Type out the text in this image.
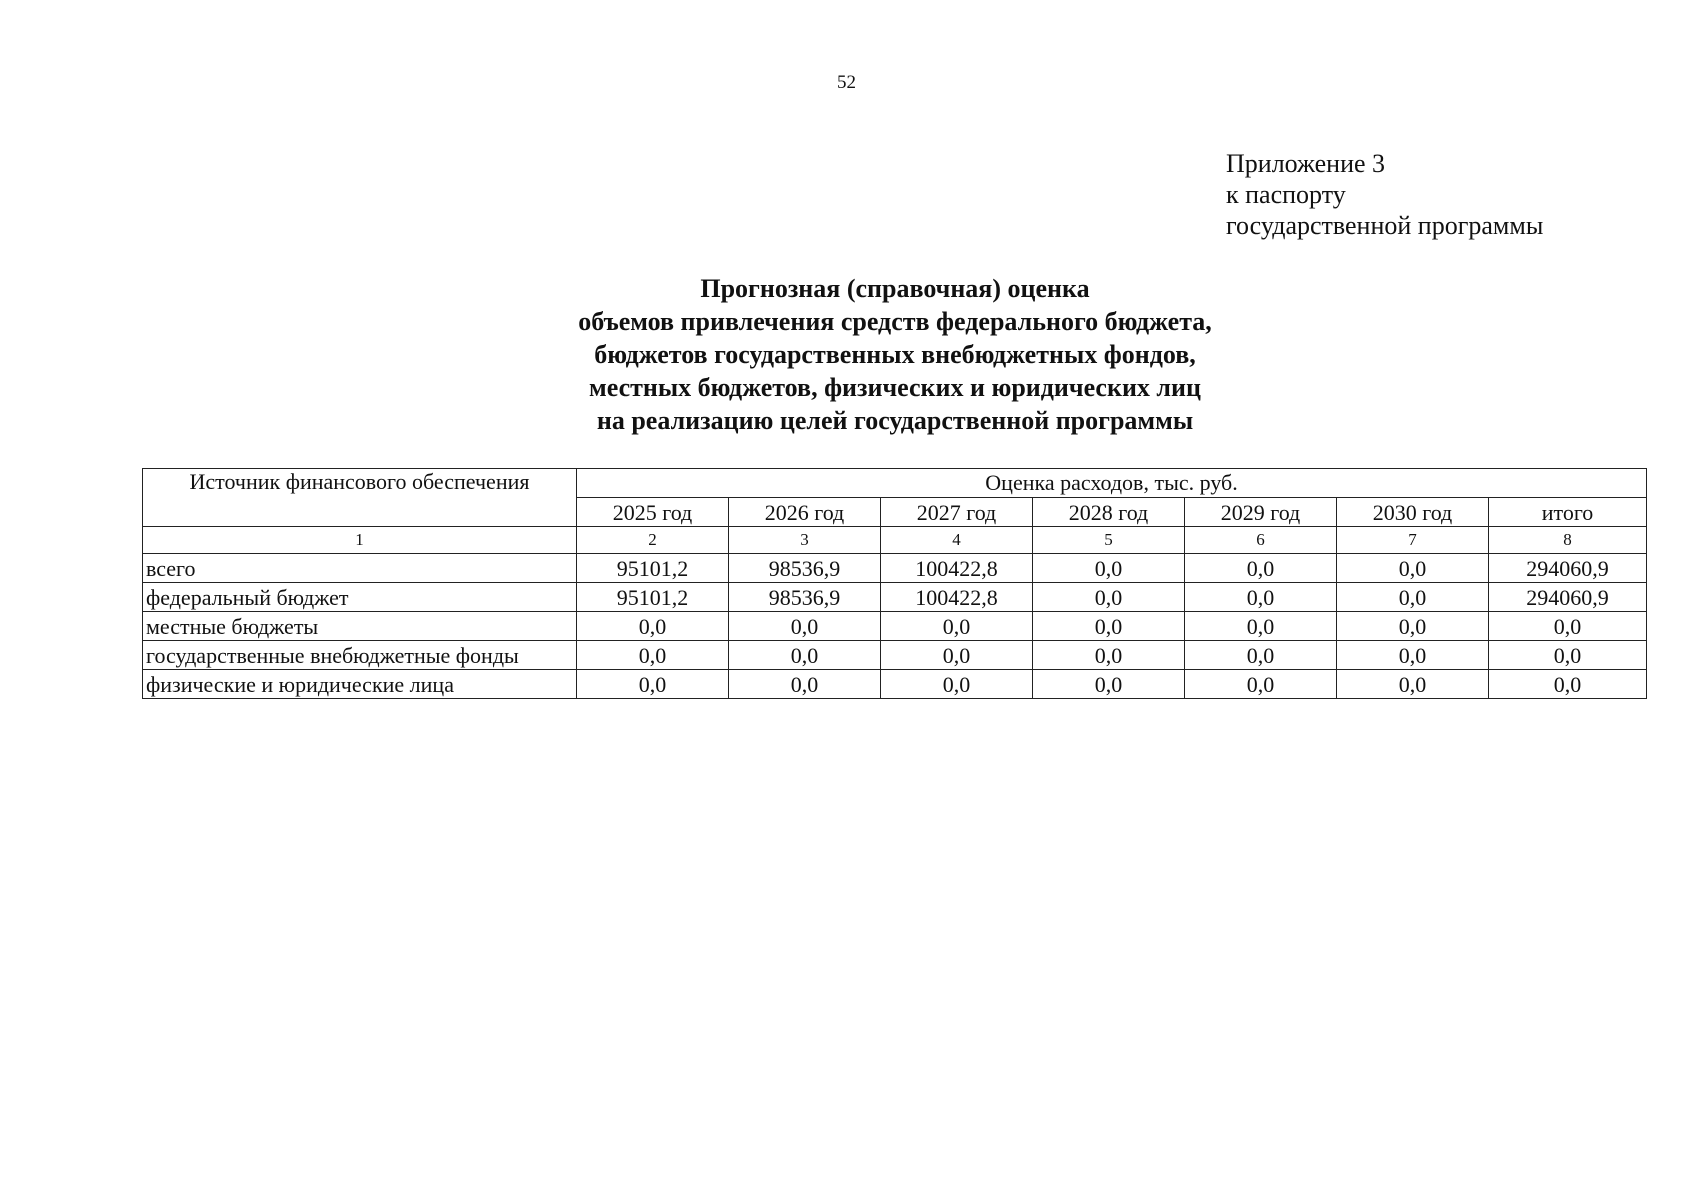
52
Приложение 3
к паспорту
государственной программы
Прогнозная (справочная) оценка
объемов привлечения средств федерального бюджета,
бюджетов государственных внебюджетных фондов,
местных бюджетов, физических и юридических лиц
на реализацию целей государственной программы
Источник финансового обеспечения	Оценка расходов, тыс. руб.						
	2025 год	2026 год	2027 год	2028 год	2029 год	2030 год	итого
1	2	3	4	5	6	7	8
всего	95101,2	98536,9	100422,8	0,0	0,0	0,0	294060,9
федеральный бюджет	95101,2	98536,9	100422,8	0,0	0,0	0,0	294060,9
местные бюджеты	0,0	0,0	0,0	0,0	0,0	0,0	0,0
государственные внебюджетные фонды	0,0	0,0	0,0	0,0	0,0	0,0	0,0
физические и юридические лица	0,0	0,0	0,0	0,0	0,0	0,0	0,0
